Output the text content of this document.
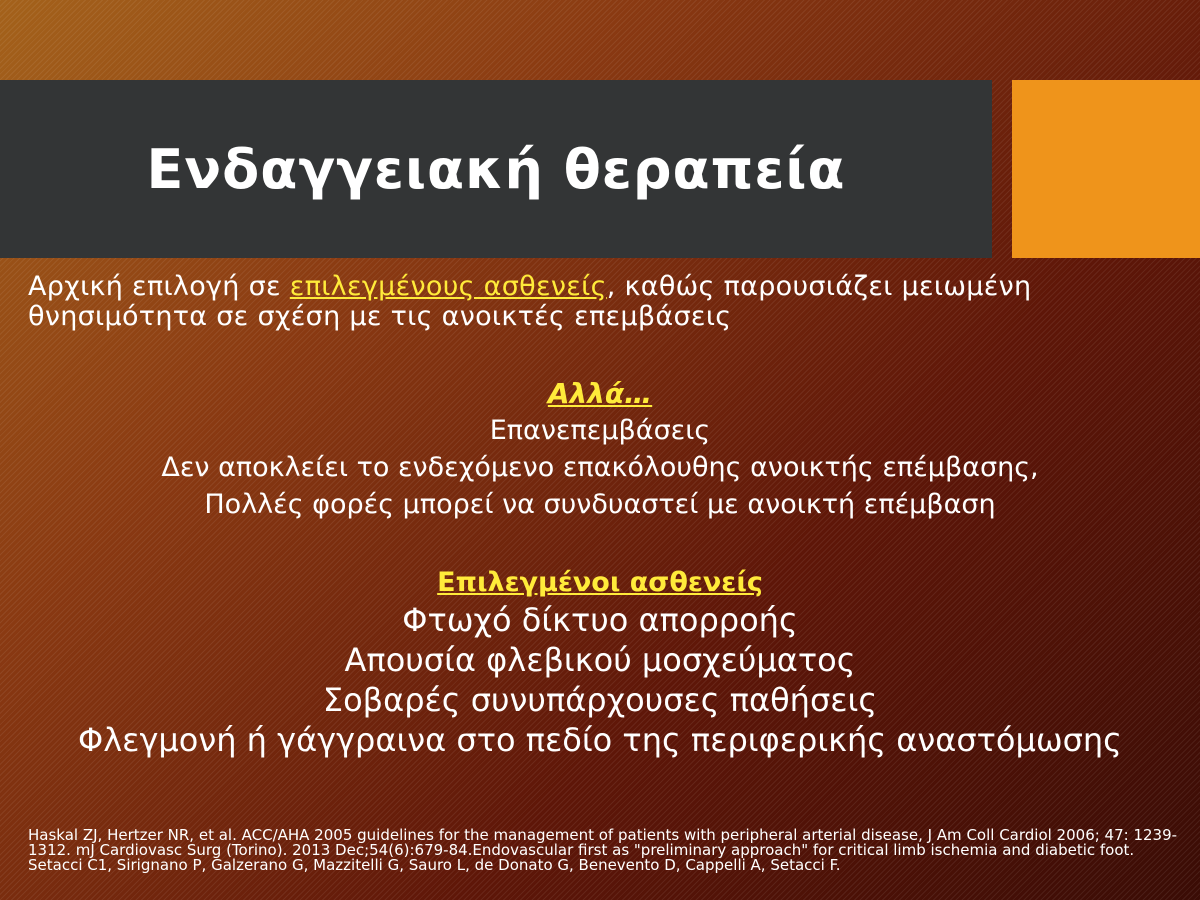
Ενδαγγειακή θεραπεία
Αρχική επιλογή σε επιλεγμένους ασθενείς, καθώς παρουσιάζει μειωμένη θνησιμότητα σε σχέση με τις ανοικτές επεμβάσεις
Αλλά…
Επανεπεμβάσεις
Δεν αποκλείει το ενδεχόμενο επακόλουθης ανοικτής επέμβασης,
Πολλές φορές μπορεί να συνδυαστεί με ανοικτή επέμβαση
Επιλεγμένοι ασθενείς
Φτωχό δίκτυο απορροής
Απουσία φλεβικού μοσχεύματος
Σοβαρές συνυπάρχουσες παθήσεις
Φλεγμονή ή γάγγραινα στο πεδίο της περιφερικής αναστόμωσης
Haskal ZJ, Hertzer NR, et al. ACC/AHA 2005 guidelines for the management of patients with peripheral arterial disease, J Am Coll Cardiol 2006; 47: 1239-1312. mJ Cardiovasc Surg (Torino). 2013 Dec;54(6):679-84.Endovascular first as "preliminary approach" for critical limb ischemia and diabetic foot. Setacci C1, Sirignano P, Galzerano G, Mazzitelli G, Sauro L, de Donato G, Benevento D, Cappelli A, Setacci F.
